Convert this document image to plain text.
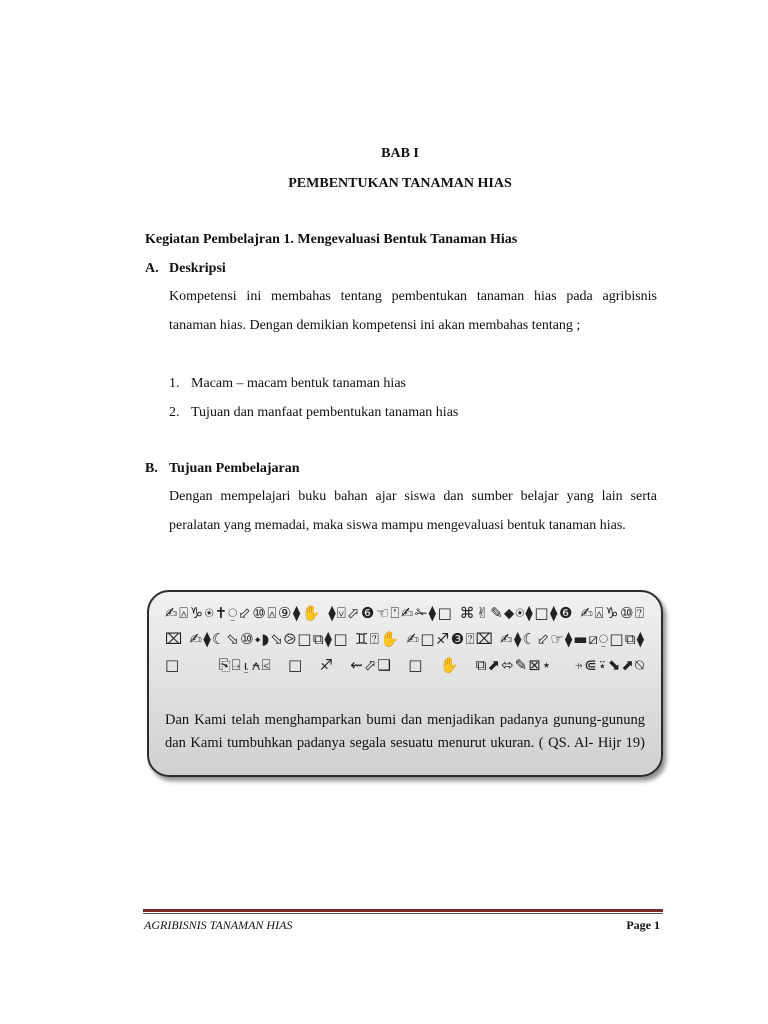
BAB I
PEMBENTUKAN TANAMAN HIAS
Kegiatan Pembelajran 1. Mengevaluasi Bentuk Tanaman Hias
A. Deskripsi
Kompetensi ini membahas tentang pembentukan tanaman hias pada agribisnis tanaman hias. Dengan demikian kompetensi ini akan membahas tentang ;
1. Macam – macam bentuk tanaman hias
2. Tujuan dan manfaat pembentukan tanaman hias
B. Tujuan Pembelajaran
Dengan mempelajari buku bahan ajar siswa dan sumber belajar yang lain serta peralatan yang memadai, maka siswa mampu mengevaluasi bentuk tanaman hias.
✍⍓♑⍟✝⍜⬃⑩⍓⑨⧫✋ ⧫⍌⬀❻☜⍞✍✁⧫□ ⌘✌✎⬥⍟⧫□⧫❻ ✍⍓♑⑩⍰⌧ ✍⧫☾⬂⑩⬩◗⬂⧁□⧉⧫□ ♊⍰✋ ✍□♐❸⍰⌧ ✍⧫☾⬃☞⧫▬⧄⍜□⧉⧫□ ⎘⍈⍸⍲⍃□♐⇜⬀❑□✋⧉⬈⬄✎⊠⋆ ⍆⋐⍣⬊⬈⍉
Dan Kami telah menghamparkan bumi dan menjadikan padanya gunung-gunung dan Kami tumbuhkan padanya segala sesuatu menurut ukuran. ( QS. Al- Hijr 19)
AGRIBISNIS TANAMAN HIAS	Page 1
